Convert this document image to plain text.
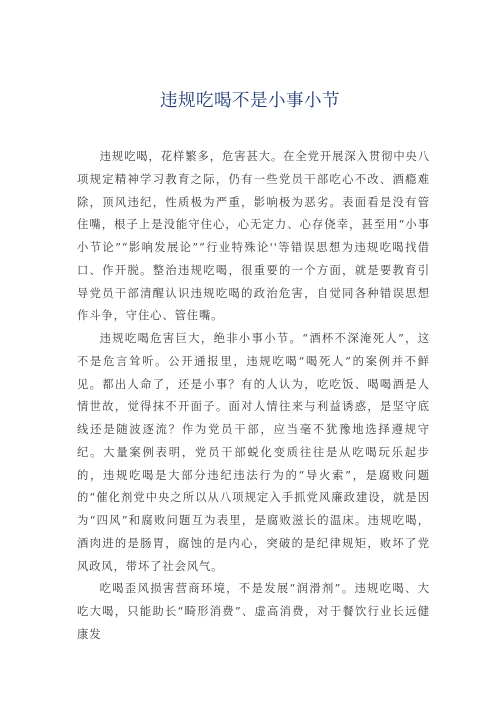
违规吃喝不是小事小节

违规吃喝，花样繁多，危害甚大。在全党开展深入贯彻中央八项规定精神学习教育之际，仍有一些党员干部吃心不改、酒瘾难除，顶风违纪，性质极为严重，影响极为恶劣。表面看是没有管住嘴，根子上是没能守住心，心无定力、心存侥幸，甚至用“小事小节论”“影响发展论”“行业特殊论''等错误思想为违规吃喝找借口、作开脱。整治违规吃喝，很重要的一个方面，就是要教育引导党员干部清醒认识违规吃喝的政治危害，自觉同各种错误思想作斗争，守住心、管住嘴。

违规吃喝危害巨大，绝非小事小节。“酒杯不深淹死人”，这不是危言耸听。公开通报里，违规吃喝“喝死人”的案例并不鲜见。都出人命了，还是小事？有的人认为，吃吃饭、喝喝酒是人情世故，觉得抹不开面子。面对人情往来与利益诱惑，是坚守底线还是随波逐流？作为党员干部，应当毫不犹豫地选择遵规守纪。大量案例表明，党员干部蜕化变质往往是从吃喝玩乐起步的，违规吃喝是大部分违纪违法行为的“导火索”，是腐败问题的“催化剂党中央之所以从八项规定入手抓党风廉政建设，就是因为“四风”和腐败问题互为表里，是腐败滋长的温床。违规吃喝，酒肉进的是肠胃，腐蚀的是内心，突破的是纪律规矩，败坏了党风政风，带坏了社会风气。

吃喝歪风损害营商环境，不是发展“润滑剂”。违规吃喝、大吃大喝，只能助长“畸形消费”、虚高消费，对于餐饮行业长远健康发
